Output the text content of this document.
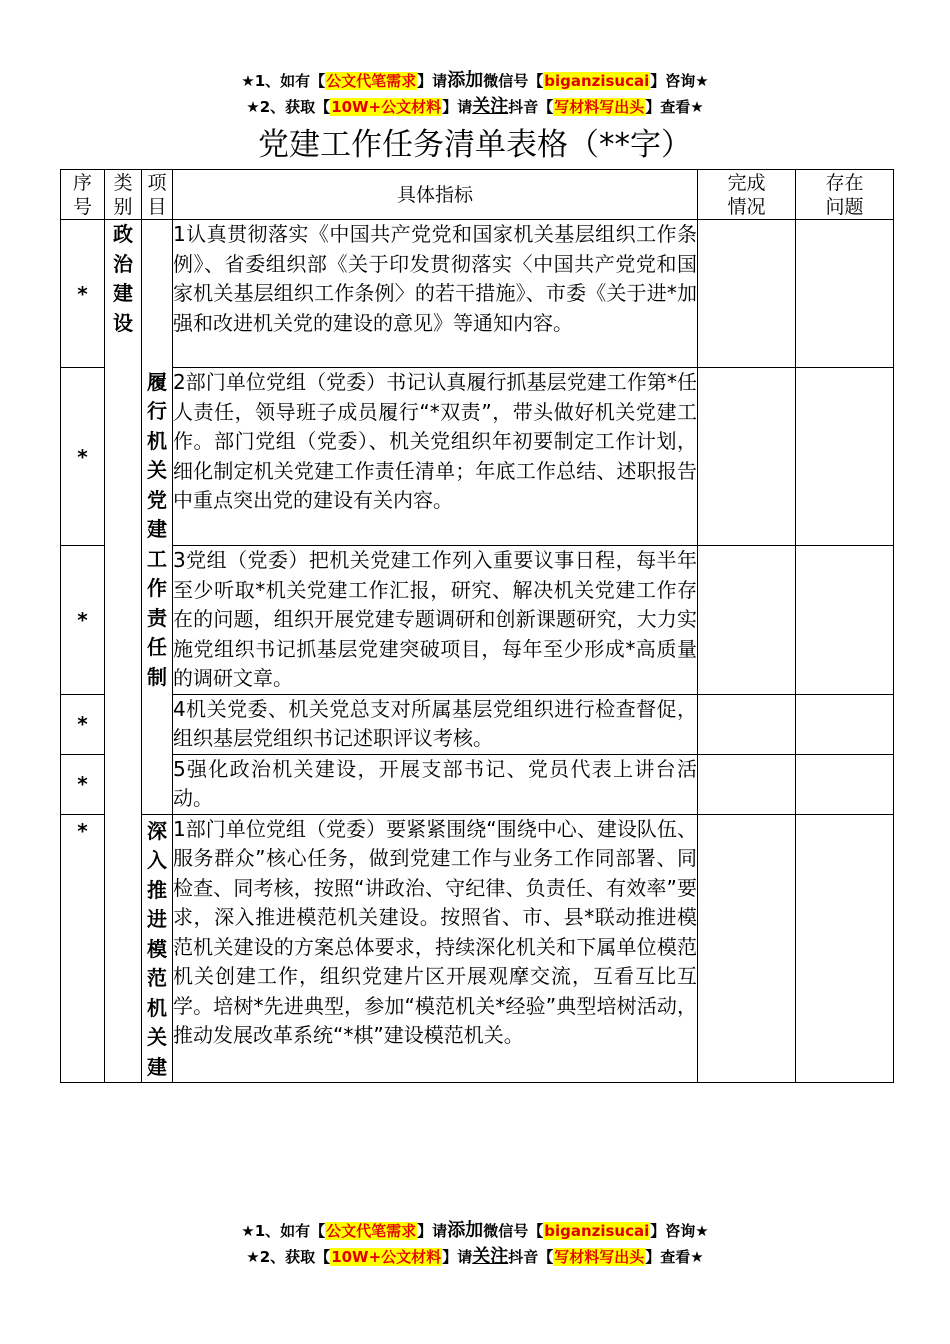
★1、如有【公文代笔需求】请添加微信号【biganzisucai】咨询★
★2、获取【10W+公文材料】请关注抖音【写材料写出头】查看★
党建工作任务清单表格（**字）
序号	类别	项目	具体指标	完成情况	存在问题

*	政治建设		1认真贯彻落实《中国共产党党和国家机关基层组织工作条例》、省委组织部《关于印发贯彻落实〈中国共产党党和国家机关基层组织工作条例〉的若干措施》、市委《关于进*加强和改进机关党的建设的意见》等通知内容。		
*		履行机关党建工作责任制	2部门单位党组（党委）书记认真履行抓基层党建工作第*任人责任，领导班子成员履行“*双责”，带头做好机关党建工作。部门党组（党委）、机关党组织年初要制定工作计划，细化制定机关党建工作责任清单；年底工作总结、述职报告中重点突出党的建设有关内容。		
*			3党组（党委）把机关党建工作列入重要议事日程，每半年至少听取*机关党建工作汇报，研究、解决机关党建工作存在的问题，组织开展党建专题调研和创新课题研究，大力实施党组织书记抓基层党建突破项目，每年至少形成*高质量的调研文章。		
*			4机关党委、机关党总支对所属基层党组织进行检查督促，组织基层党组织书记述职评议考核。		
*			5强化政治机关建设，开展支部书记、党员代表上讲台活动。		
*		深入推进模范机关建	1部门单位党组（党委）要紧紧围绕“围绕中心、建设队伍、服务群众”核心任务，做到党建工作与业务工作同部署、同检查、同考核，按照“讲政治、守纪律、负责任、有效率”要求，深入推进模范机关建设。按照省、市、县*联动推进模范机关建设的方案总体要求，持续深化机关和下属单位模范机关创建工作，组织党建片区开展观摩交流，互看互比互学。培树*先进典型，参加“模范机关*经验”典型培树活动，推动发展改革系统“*棋”建设模范机关。		
★1、如有【公文代笔需求】请添加微信号【biganzisucai】咨询★
★2、获取【10W+公文材料】请关注抖音【写材料写出头】查看★
